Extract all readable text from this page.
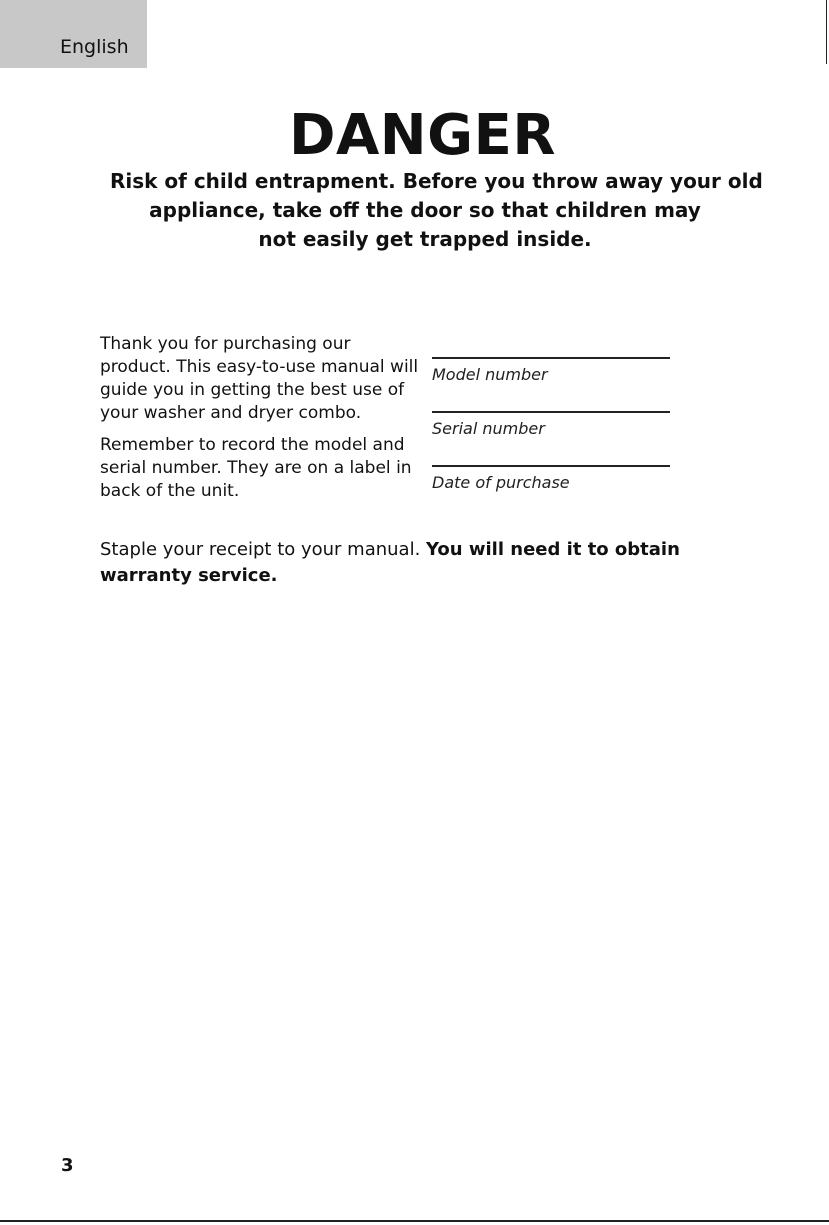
English
DANGER
Risk of child entrapment. Before you throw away your old
appliance, take off the door so that children may
not easily get trapped inside.

Thank you for purchasing our
product. This easy-to-use manual will
guide you in getting the best use of
your washer and dryer combo.

Remember to record the model and
serial number. They are on a label in
back of the unit.

Model number
Serial number
Date of purchase
Staple your receipt to your manual. You will need it to obtain warranty service.
3
